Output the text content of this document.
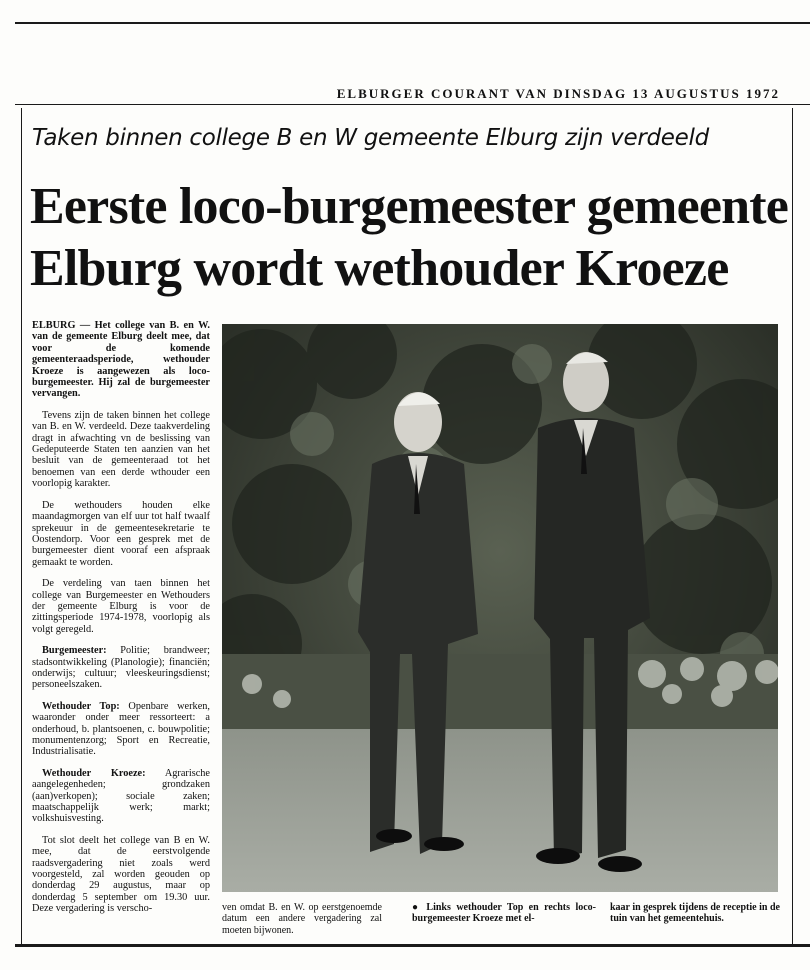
ELBURGER COURANT VAN DINSDAG 13 AUGUSTUS 1972
Taken binnen college B en W gemeente Elburg zijn verdeeld
Eerste loco-burgemeester gemeente Elburg wordt wethouder Kroeze

ELBURG — Het college van B. en W. van de gemeente Elburg deelt mee, dat voor de komende gemeenteraadsperiode, wethouder Kroeze is aangewezen als loco-burgemeester. Hij zal de burgemeester vervangen.

Tevens zijn de taken binnen het college van B. en W. verdeeld. Deze taakverdeling dragt in afwachting vn de beslissing van Gedeputeerde Staten ten aanzien van het besluit van de gemeenteraad tot het benoemen van een derde wthouder een voorlopig karakter.

De wethouders houden elke maandagmorgen van elf uur tot half twaalf sprekeuur in de gemeentesekretarie te Oostendorp. Voor een gesprek met de burgemeester dient vooraf een afspraak gemaakt te worden.

De verdeling van taen binnen het college van Burgemeester en Wethouders der gemeente Elburg is voor de zittingsperiode 1974-1978, voorlopig als volgt geregeld.

Burgemeester: Politie; brandweer; stadsontwikkeling (Planologie); financiën; onderwijs; cultuur; vleeskeuringsdienst; personeelszaken.

Wethouder Top: Openbare werken, waaronder onder meer ressorteert: a onderhoud, b. plantsoenen, c. bouwpolitie; monumentenzorg; Sport en Recreatie, Industrialisatie.

Wethouder Kroeze: Agrarische aangelegenheden; grondzaken (aan)verkopen); sociale zaken; maatschappelijk werk; markt; volkshuisvesting.

Tot slot deelt het college van B en W. mee, dat de eerstvolgende raadsvergadering niet zoals werd voorgesteld, zal worden geouden op donderdag 29 augustus, maar op donderdag 5 september om 19.30 uur. Deze vergadering is verscho-	ven omdat B. en W. op eerstgenoemde datum een andere vergadering zal moeten bijwonen.
● Links wethouder Top en rechts loco-burgemeester Kroeze met el-
kaar in gesprek tijdens de receptie in de tuin van het gemeentehuis.
